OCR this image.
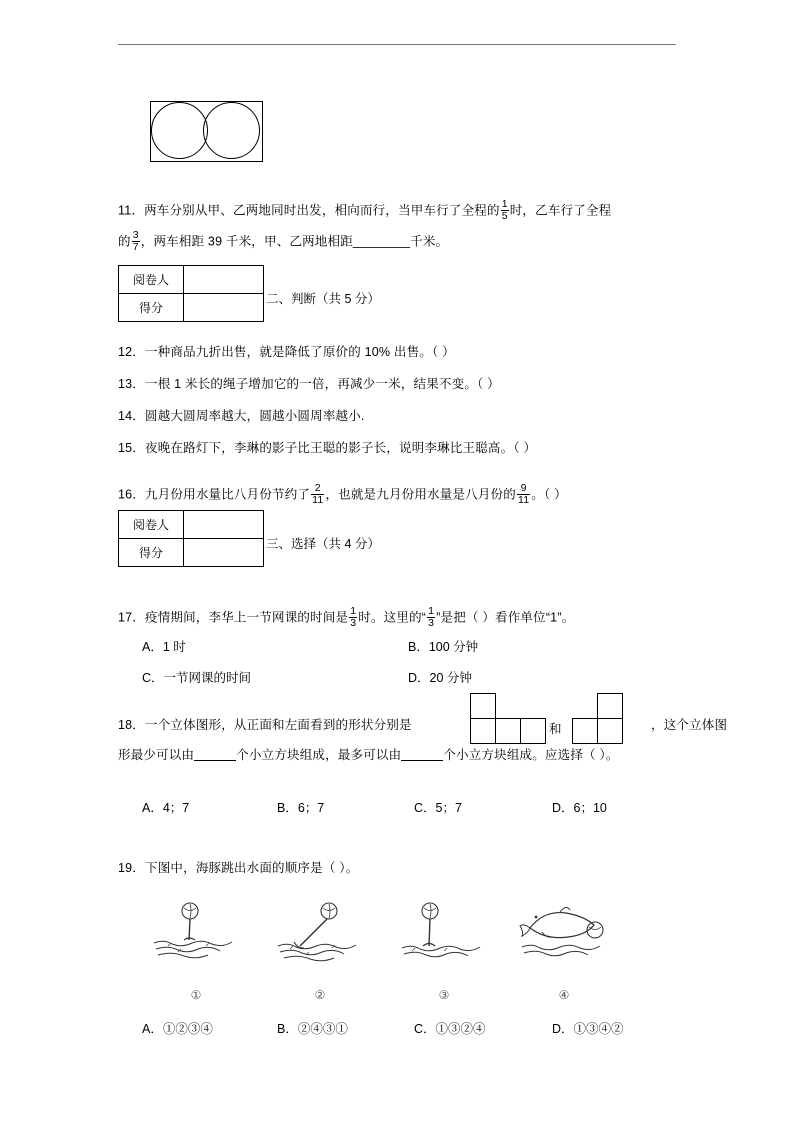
11．两车分别从甲、乙两地同时出发，相向而行，当甲车行了全程的 $\frac{1}{5}$ 时，乙车行了全程
的 $\frac{3}{7}$ ，两车相距 39 千米，甲、乙两地相距________千米。
阅卷人
得分
二、判断（共 5 分）
12．一种商品九折出售，就是降低了原价的 10% 出售。（ ）
13．一根 1 米长的绳子增加它的一倍，再减少一米，结果不变。（ ）
14．圆越大圆周率越大，圆越小圆周率越小.
15．夜晚在路灯下，李琳的影子比王聪的影子长，说明李琳比王聪高。（ ）
16．九月份用水量比八月份节约了 $\frac{2}{11}$ ，也就是九月份用水量是八月份的 $\frac{9}{11}$ 。（ ）
阅卷人
得分
三、选择（共 4 分）
17．疫情期间，李华上一节网课的时间是 $\frac{1}{3}$ 时。这里的“ $\frac{1}{3}$ ”是把（ ）看作单位“1”。
A．1 时	B．100 分钟
C．一节网课的时间	D．20 分钟
和
18．一个立体图形，从正面和左面看到的形状分别是	，这个立体图
形最少可以由	个小立方块组成，最多可以由	个小立方块组成。应选择（ ）。
A．4；7	B．6；7	C．5；7	D．6；10
19．下图中，海豚跳出水面的顺序是（ ）。
①	②	③	④
A．①②③④	B．②④③①	C．①③②④	D．①③④②
